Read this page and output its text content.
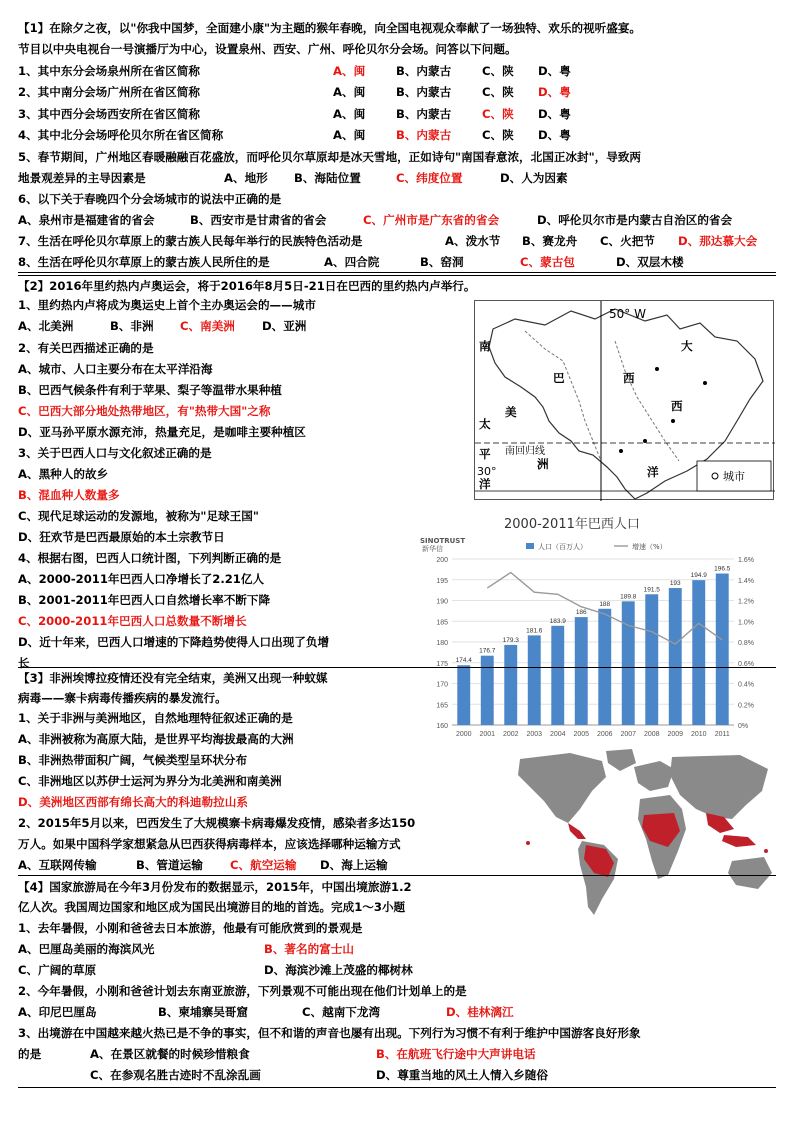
【1】在除夕之夜，以"你我中国梦，全面建小康"为主题的猴年春晚，向全国电视观众奉献了一场独特、欢乐的视听盛宴。
节目以中央电视台一号演播厅为中心，设置泉州、西安、广州、呼伦贝尔分会场。问答以下问题。
1、其中东分会场泉州所在省区简称	A、闽	B、内蒙古	C、陕 D、粤
2、其中南分会场广州所在省区简称	A、闽	B、内蒙古	C、陕 D、粤
3、其中西分会场西安所在省区简称	A、闽	B、内蒙古	C、陕 D、粤
4、其中北分会场呼伦贝尔所在省区简称	A、闽	B、内蒙古	C、陕 D、粤
5、春节期间，广州地区春暖融融百花盛放，而呼伦贝尔草原却是冰天雪地，正如诗句"南国春意浓，北国正冰封"，导致两
地景观差异的主导因素是	A、地形 B、海陆位置	C、纬度位置	D、人为因素
6、以下关于春晚四个分会场城市的说法中正确的是
A、泉州市是福建省的省会	B、西安市是甘肃省的省会	C、广州市是广东省的省会	D、呼伦贝尔市是内蒙古自治区的省会
7、生活在呼伦贝尔草原上的蒙古族人民每年举行的民族特色活动是	A、泼水节 B、赛龙舟 C、火把节 D、那达慕大会
8、生活在呼伦贝尔草原上的蒙古族人民所住的是	A、四合院	B、窑洞	C、蒙古包	D、双层木楼
【2】2016年里约热内卢奥运会，将于2016年8月5日-21日在巴西的里约热内卢举行。
1、里约热内卢将成为奥运史上首个主办奥运会的——城市
A、北美洲	B、非洲 C、南美洲 D、亚洲
2、有关巴西描述正确的是
A、城市、人口主要分布在太平洋沿海
B、巴西气候条件有利于苹果、梨子等温带水果种植
C、巴西大部分地处热带地区，有"热带大国"之称
D、亚马孙平原水源充沛，热量充足，是咖啡主要种植区
3、关于巴西人口与文化叙述正确的是
A、黑种人的故乡
B、混血种人数量多
C、现代足球运动的发源地，被称为"足球王国"
D、狂欢节是巴西最原始的本土宗教节日
4、根据右图，巴西人口统计图，下列判断正确的是
A、2000-2011年巴西人口净增长了2.21亿人
B、2001-2011年巴西人口自然增长率不断下降
C、2000-2011年巴西人口总数量不断增长
D、近十年来，巴西人口增速的下降趋势使得人口出现了负增
长
50° W
南
巴	西
美
洲
大
西
太
平
洋
洋
南回归线
30°	城市
2000-2011年巴西人口
SINOTRUST
新华信
160
165
170
175
180
185
190
195
200
0%
0.2%
0.4%
0.6%
0.8%
1.0%
1.2%
1.4%
1.6%
174.4
2000
176.7
2001
179.3
2002
181.6
2003
183.9
2004
186
2005
188
2006
189.8
2007
191.5
2008
193
2009
194.9
2010
196.5
2011
人口（百万人）	增速（%）
【3】非洲埃博拉疫情还没有完全结束，美洲又出现一种蚊媒
病毒——寨卡病毒传播疾病的暴发流行。
1、关于非洲与美洲地区，自然地理特征叙述正确的是
A、非洲被称为高原大陆，是世界平均海拔最高的大洲
B、非洲热带面积广阔，气候类型呈环状分布
C、非洲地区以苏伊士运河为界分为北美洲和南美洲
D、美洲地区西部有绵长高大的科迪勒拉山系
2、2015年5月以来，巴西发生了大规模寨卡病毒爆发疫情，感染者多达150
万人。如果中国科学家想紧急从巴西获得病毒样本，应该选择哪种运输方式
A、互联网传输	B、管道运输 C、航空运输 D、海上运输
【4】国家旅游局在今年3月份发布的数据显示，2015年，中国出境旅游1.2
亿人次。我国周边国家和地区成为国民出境游目的地的首选。完成1～3小题
1、去年暑假，小刚和爸爸去日本旅游，他最有可能欣赏到的景观是
A、巴厘岛美丽的海滨风光	B、著名的富士山
C、广阔的草原	D、海滨沙滩上茂盛的椰树林
2、今年暑假，小刚和爸爸计划去东南亚旅游，下列景观不可能出现在他们计划单上的是
A、印尼巴厘岛	B、柬埔寨吴哥窟	C、越南下龙湾	D、桂林漓江
3、出境游在中国越来越火热已是不争的事实，但不和谐的声音也屡有出现。下列行为习惯不有利于维护中国游客良好形象
的是	A、在景区就餐的时候珍惜粮食	B、在航班飞行途中大声讲电话
C、在参观名胜古迹时不乱涂乱画	D、尊重当地的风土人情入乡随俗
